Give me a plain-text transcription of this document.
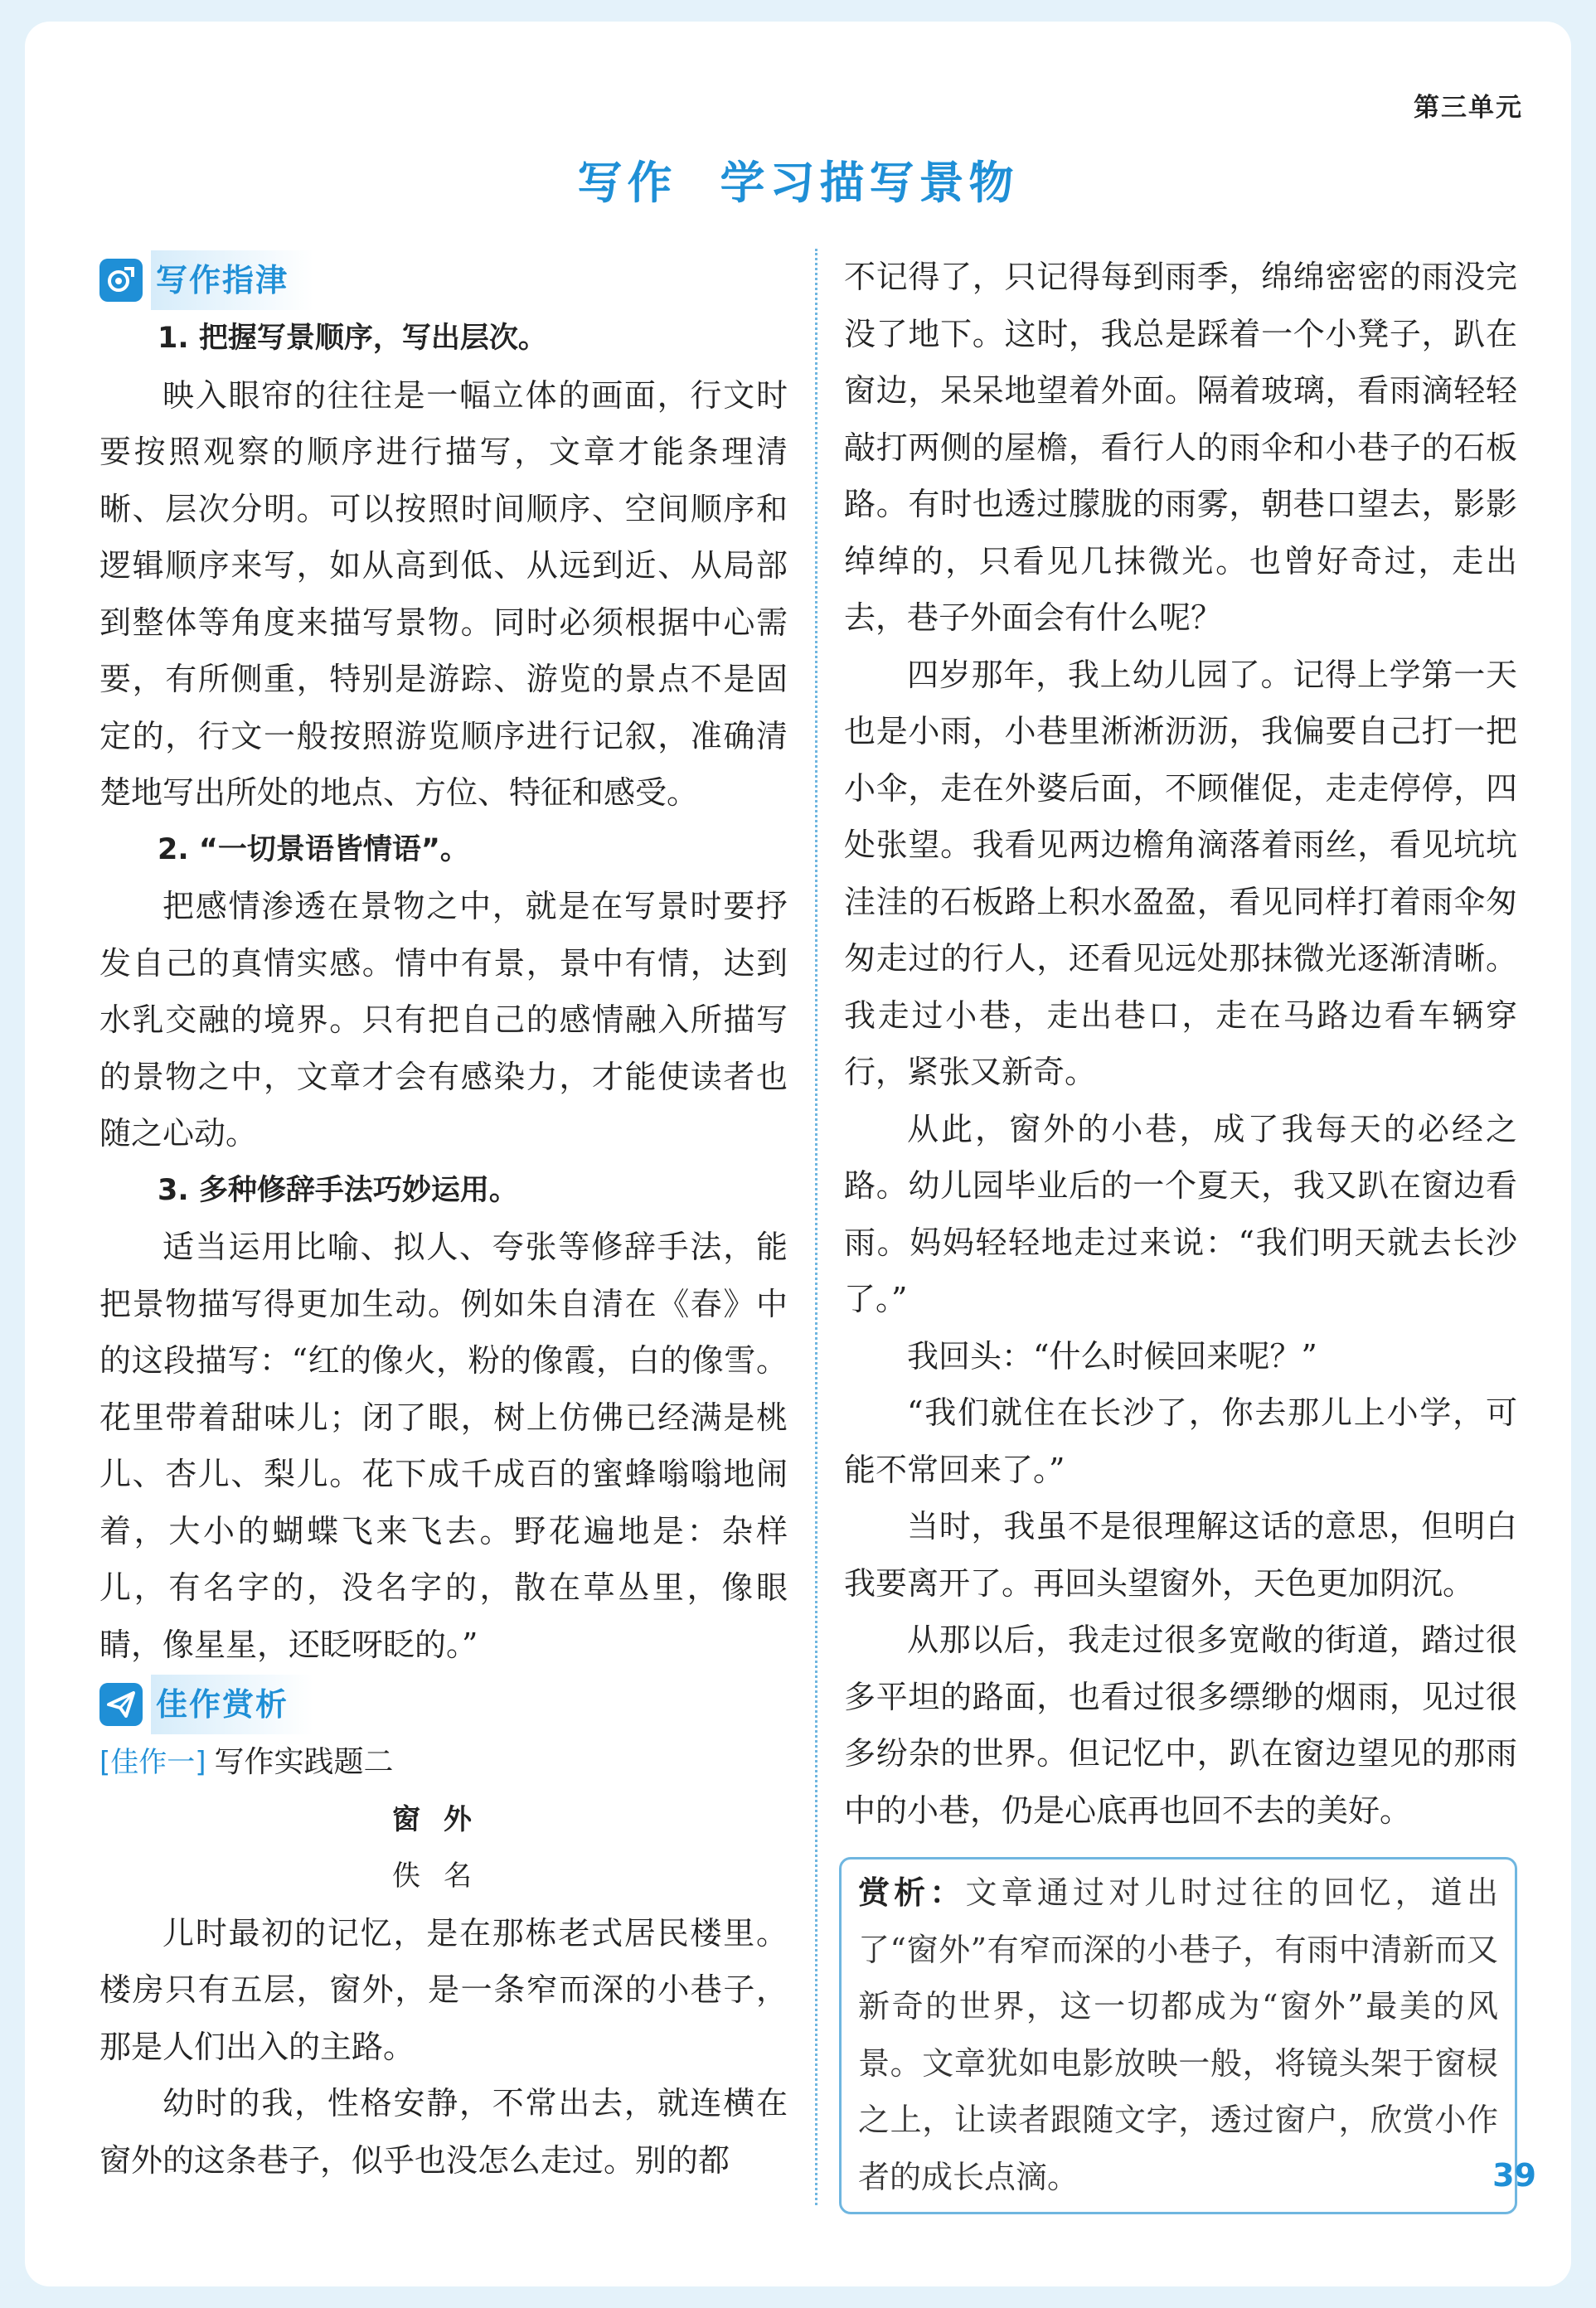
第三单元
写作 学习描写景物
写作指津

1. 把握写景顺序，写出层次。

映入眼帘的往往是一幅立体的画面，行文时要按照观察的顺序进行描写，文章才能条理清晰、层次分明。可以按照时间顺序、空间顺序和逻辑顺序来写，如从高到低、从远到近、从局部到整体等角度来描写景物。同时必须根据中心需要，有所侧重，特别是游踪、游览的景点不是固定的，行文一般按照游览顺序进行记叙，准确清楚地写出所处的地点、方位、特征和感受。

2. “一切景语皆情语”。

把感情渗透在景物之中，就是在写景时要抒发自己的真情实感。情中有景，景中有情，达到水乳交融的境界。只有把自己的感情融入所描写的景物之中，文章才会有感染力，才能使读者也随之心动。

3. 多种修辞手法巧妙运用。

适当运用比喻、拟人、夸张等修辞手法，能把景物描写得更加生动。例如朱自清在《春》中的这段描写：“红的像火，粉的像霞，白的像雪。花里带着甜味儿；闭了眼，树上仿佛已经满是桃儿、杏儿、梨儿。花下成千成百的蜜蜂嗡嗡地闹着，大小的蝴蝶飞来飞去。野花遍地是：杂样儿，有名字的，没名字的，散在草丛里，像眼睛，像星星，还眨呀眨的。”

佳作赏析

[佳作一] 写作实践题二

窗外

佚名

儿时最初的记忆，是在那栋老式居民楼里。楼房只有五层，窗外，是一条窄而深的小巷子，那是人们出入的主路。

幼时的我，性格安静，不常出去，就连横在窗外的这条巷子，似乎也没怎么走过。别的都

不记得了，只记得每到雨季，绵绵密密的雨没完没了地下。这时，我总是踩着一个小凳子，趴在窗边，呆呆地望着外面。隔着玻璃，看雨滴轻轻敲打两侧的屋檐，看行人的雨伞和小巷子的石板路。有时也透过朦胧的雨雾，朝巷口望去，影影绰绰的，只看见几抹微光。也曾好奇过，走出去，巷子外面会有什么呢？

四岁那年，我上幼儿园了。记得上学第一天也是小雨，小巷里淅淅沥沥，我偏要自己打一把小伞，走在外婆后面，不顾催促，走走停停，四处张望。我看见两边檐角滴落着雨丝，看见坑坑洼洼的石板路上积水盈盈，看见同样打着雨伞匆匆走过的行人，还看见远处那抹微光逐渐清晰。我走过小巷，走出巷口，走在马路边看车辆穿行，紧张又新奇。

从此，窗外的小巷，成了我每天的必经之路。幼儿园毕业后的一个夏天，我又趴在窗边看雨。妈妈轻轻地走过来说：“我们明天就去长沙了。”

我回头：“什么时候回来呢？”

“我们就住在长沙了，你去那儿上小学，可能不常回来了。”

当时，我虽不是很理解这话的意思，但明白我要离开了。再回头望窗外，天色更加阴沉。

从那以后，我走过很多宽敞的街道，踏过很多平坦的路面，也看过很多缥缈的烟雨，见过很多纷杂的世界。但记忆中，趴在窗边望见的那雨中的小巷，仍是心底再也回不去的美好。

赏析：文章通过对儿时过往的回忆，道出了“窗外”有窄而深的小巷子，有雨中清新而又新奇的世界，这一切都成为“窗外”最美的风景。文章犹如电影放映一般，将镜头架于窗棂之上，让读者跟随文字，透过窗户，欣赏小作者的成长点滴。	39
